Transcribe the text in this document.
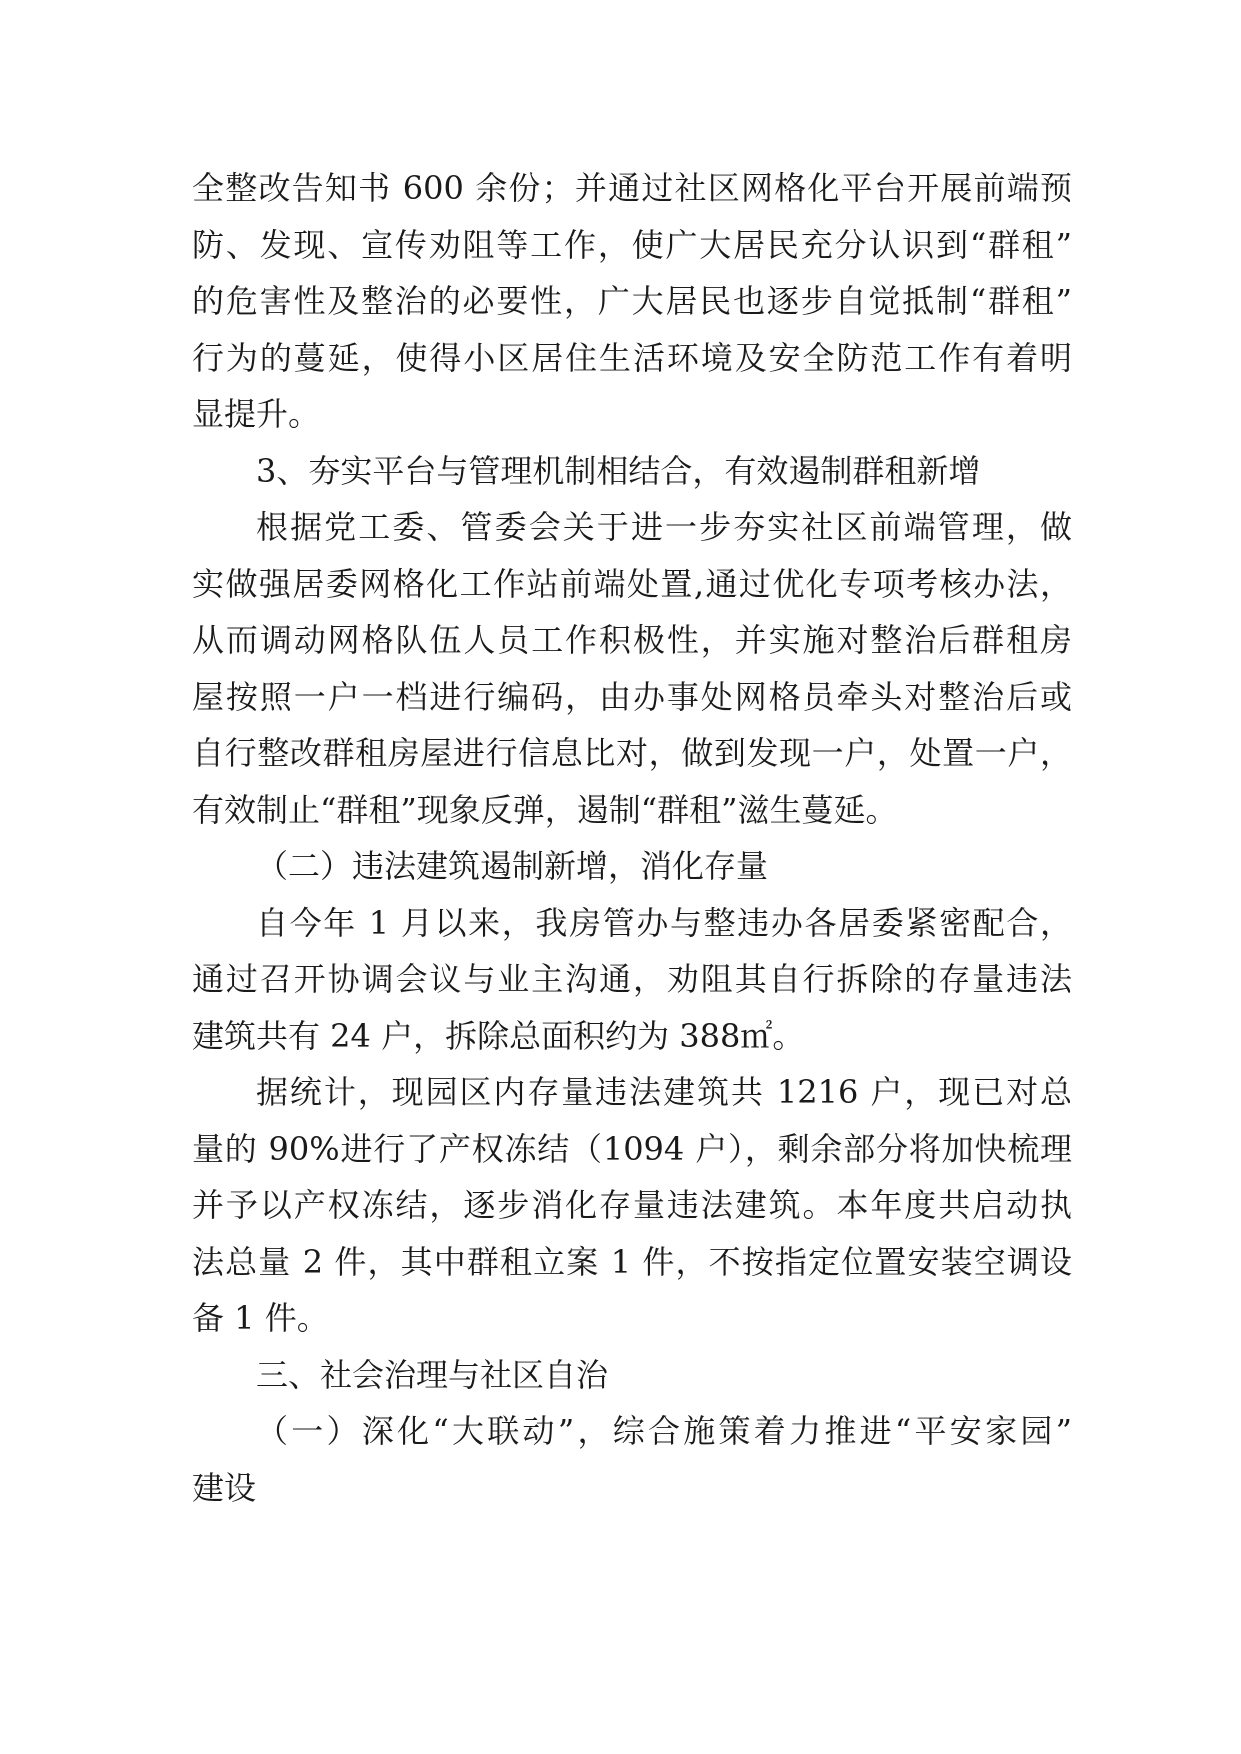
全整改告知书 600 余份；并通过社区网格化平台开展前端预
防、发现、宣传劝阻等工作，使广大居民充分认识到“群租”
的危害性及整治的必要性，广大居民也逐步自觉抵制“群租”
行为的蔓延，使得小区居住生活环境及安全防范工作有着明
显提升。
3、夯实平台与管理机制相结合，有效遏制群租新增
根据党工委、管委会关于进一步夯实社区前端管理，做
实做强居委网格化工作站前端处置,通过优化专项考核办法，
从而调动网格队伍人员工作积极性，并实施对整治后群租房
屋按照一户一档进行编码，由办事处网格员牵头对整治后或
自行整改群租房屋进行信息比对，做到发现一户，处置一户，
有效制止“群租”现象反弹，遏制“群租”滋生蔓延。
（二）违法建筑遏制新增，消化存量
自今年 1 月以来，我房管办与整违办各居委紧密配合，
通过召开协调会议与业主沟通，劝阻其自行拆除的存量违法
建筑共有 24 户，拆除总面积约为 388㎡。
据统计，现园区内存量违法建筑共 1216 户，现已对总
量的 90%进行了产权冻结（1094 户），剩余部分将加快梳理
并予以产权冻结，逐步消化存量违法建筑。本年度共启动执
法总量 2 件，其中群租立案 1 件，不按指定位置安装空调设
备 1 件。
三、社会治理与社区自治
（一）深化“大联动”，综合施策着力推进“平安家园”
建设
